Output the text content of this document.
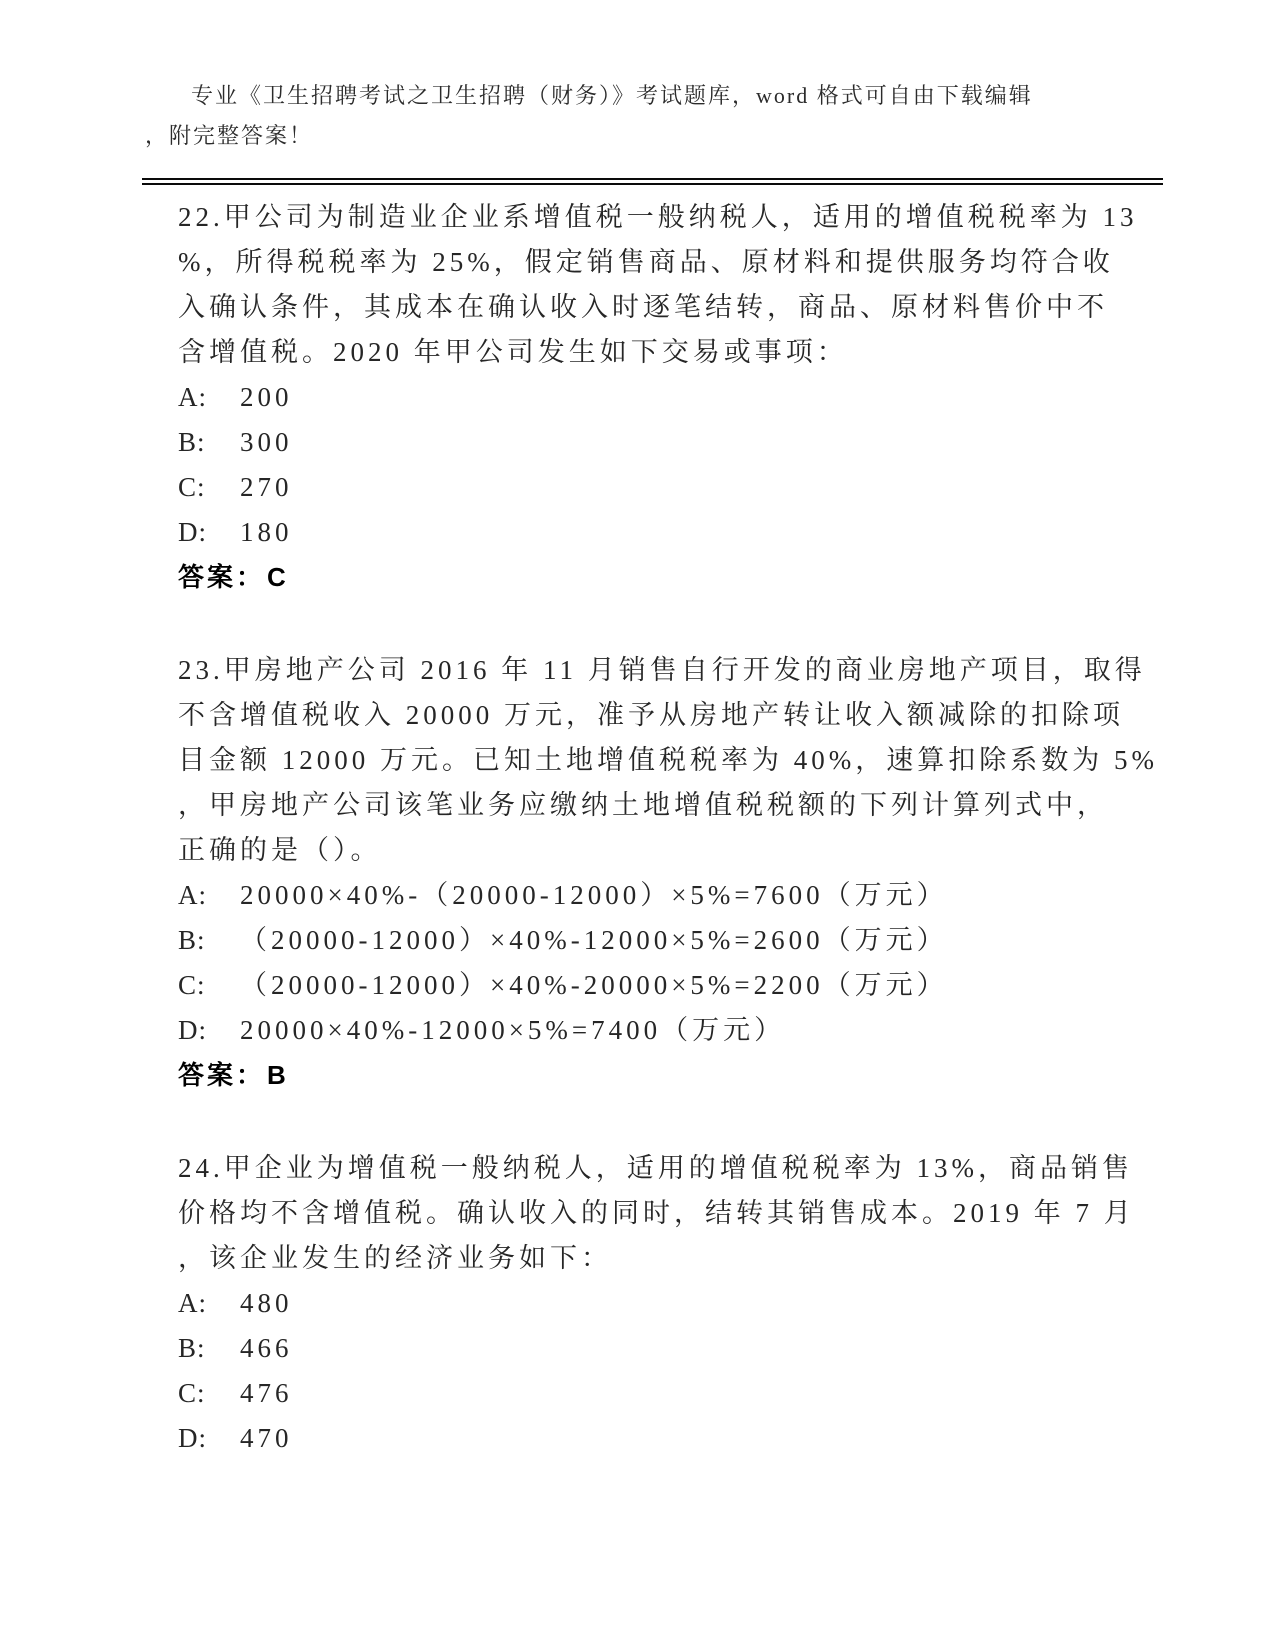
专业《卫生招聘考试之卫生招聘（财务）》考试题库，word 格式可自由下载编辑
，附完整答案！
22.甲公司为制造业企业系增值税一般纳税人，适用的增值税税率为 13
%，所得税税率为 25%，假定销售商品、原材料和提供服务均符合收
入确认条件，其成本在确认收入时逐笔结转，商品、原材料售价中不
含增值税。2020 年甲公司发生如下交易或事项：
A: 200
B: 300
C: 270
D: 180
答案：C
23.甲房地产公司 2016 年 11 月销售自行开发的商业房地产项目，取得
不含增值税收入 20000 万元，准予从房地产转让收入额减除的扣除项
目金额 12000 万元。已知土地增值税税率为 40%，速算扣除系数为 5%
，甲房地产公司该笔业务应缴纳土地增值税税额的下列计算列式中，
正确的是（）。
A: 20000×40%-（20000-12000）×5%=7600（万元）
B: （20000-12000）×40%-12000×5%=2600（万元）
C: （20000-12000）×40%-20000×5%=2200（万元）
D: 20000×40%-12000×5%=7400（万元）
答案：B
24.甲企业为增值税一般纳税人，适用的增值税税率为 13%，商品销售
价格均不含增值税。确认收入的同时，结转其销售成本。2019 年 7 月
，该企业发生的经济业务如下：
A: 480
B: 466
C: 476
D: 470
